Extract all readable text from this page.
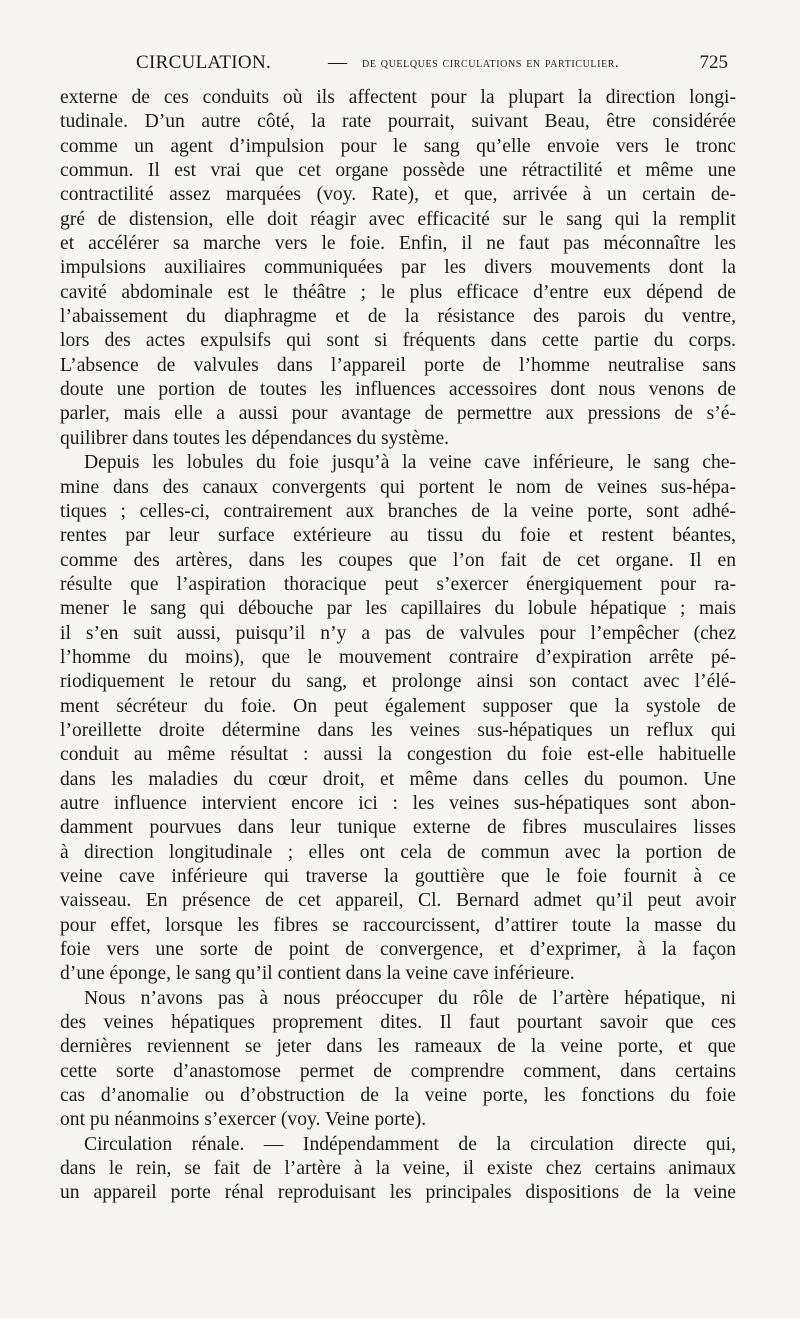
CIRCULATION.	— de quelques circulations en particulier.	725
externe de ces conduits où ils affectent pour la plupart la direction longi-
tudinale. D’un autre côté, la rate pourrait, suivant Beau, être considérée
comme un agent d’impulsion pour le sang qu’elle envoie vers le tronc
commun. Il est vrai que cet organe possède une rétractilité et même une
contractilité assez marquées (voy. Rate), et que, arrivée à un certain de-
gré de distension, elle doit réagir avec efficacité sur le sang qui la remplit
et accélérer sa marche vers le foie. Enfin, il ne faut pas méconnaître les
impulsions auxiliaires communiquées par les divers mouvements dont la
cavité abdominale est le théâtre ; le plus efficace d’entre eux dépend de
l’abaissement du diaphragme et de la résistance des parois du ventre,
lors des actes expulsifs qui sont si fréquents dans cette partie du corps.
L’absence de valvules dans l’appareil porte de l’homme neutralise sans
doute une portion de toutes les influences accessoires dont nous venons de
parler, mais elle a aussi pour avantage de permettre aux pressions de s’é-
quilibrer dans toutes les dépendances du système.
Depuis les lobules du foie jusqu’à la veine cave inférieure, le sang che-
mine dans des canaux convergents qui portent le nom de veines sus-hépa-
tiques ; celles-ci, contrairement aux branches de la veine porte, sont adhé-
rentes par leur surface extérieure au tissu du foie et restent béantes,
comme des artères, dans les coupes que l’on fait de cet organe. Il en
résulte que l’aspiration thoracique peut s’exercer énergiquement pour ra-
mener le sang qui débouche par les capillaires du lobule hépatique ; mais
il s’en suit aussi, puisqu’il n’y a pas de valvules pour l’empêcher (chez
l’homme du moins), que le mouvement contraire d’expiration arrête pé-
riodiquement le retour du sang, et prolonge ainsi son contact avec l’élé-
ment sécréteur du foie. On peut également supposer que la systole de
l’oreillette droite détermine dans les veines sus-hépatiques un reflux qui
conduit au même résultat : aussi la congestion du foie est-elle habituelle
dans les maladies du cœur droit, et même dans celles du poumon. Une
autre influence intervient encore ici : les veines sus-hépatiques sont abon-
damment pourvues dans leur tunique externe de fibres musculaires lisses
à direction longitudinale ; elles ont cela de commun avec la portion de
veine cave inférieure qui traverse la gouttière que le foie fournit à ce
vaisseau. En présence de cet appareil, Cl. Bernard admet qu’il peut avoir
pour effet, lorsque les fibres se raccourcissent, d’attirer toute la masse du
foie vers une sorte de point de convergence, et d’exprimer, à la façon
d’une éponge, le sang qu’il contient dans la veine cave inférieure.
Nous n’avons pas à nous préoccuper du rôle de l’artère hépatique, ni
des veines hépatiques proprement dites. Il faut pourtant savoir que ces
dernières reviennent se jeter dans les rameaux de la veine porte, et que
cette sorte d’anastomose permet de comprendre comment, dans certains
cas d’anomalie ou d’obstruction de la veine porte, les fonctions du foie
ont pu néanmoins s’exercer (voy. Veine porte).
Circulation rénale. — Indépendamment de la circulation directe qui,
dans le rein, se fait de l’artère à la veine, il existe chez certains animaux
un appareil porte rénal reproduisant les principales dispositions de la veine
